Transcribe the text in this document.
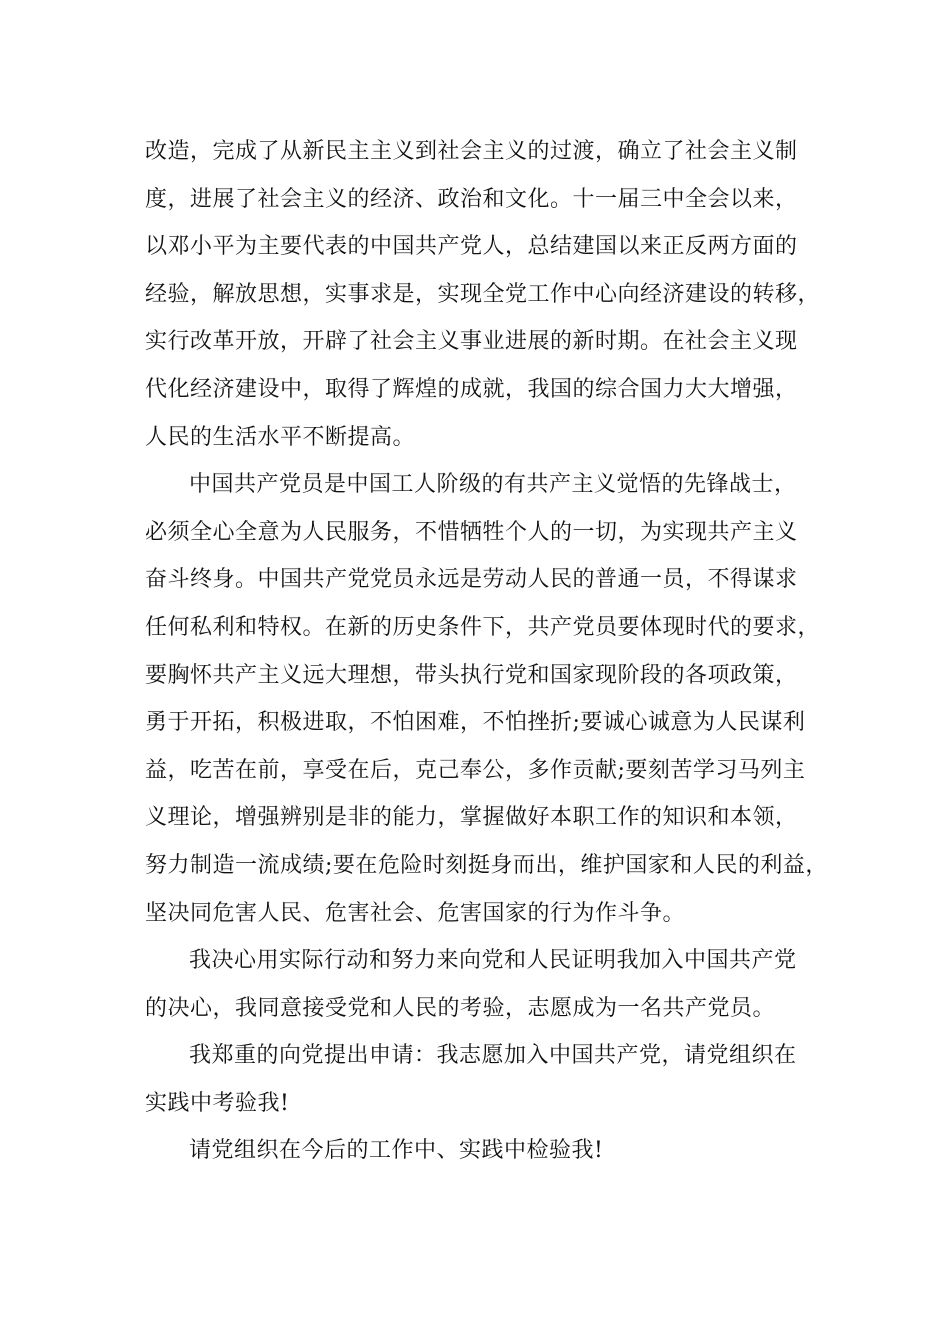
改造，完成了从新民主主义到社会主义的过渡，确立了社会主义制
度，进展了社会主义的经济、政治和文化。十一届三中全会以来，
以邓小平为主要代表的中国共产党人，总结建国以来正反两方面的
经验，解放思想，实事求是，实现全党工作中心向经济建设的转移，
实行改革开放，开辟了社会主义事业进展的新时期。在社会主义现
代化经济建设中，取得了辉煌的成就，我国的综合国力大大增强，
人民的生活水平不断提高。
中国共产党员是中国工人阶级的有共产主义觉悟的先锋战士，
必须全心全意为人民服务，不惜牺牲个人的一切，为实现共产主义
奋斗终身。中国共产党党员永远是劳动人民的普通一员，不得谋求
任何私利和特权。在新的历史条件下，共产党员要体现时代的要求，
要胸怀共产主义远大理想，带头执行党和国家现阶段的各项政策，
勇于开拓，积极进取，不怕困难，不怕挫折;要诚心诚意为人民谋利
益，吃苦在前，享受在后，克己奉公，多作贡献;要刻苦学习马列主
义理论，增强辨别是非的能力，掌握做好本职工作的知识和本领，
努力制造一流成绩;要在危险时刻挺身而出，维护国家和人民的利益，
坚决同危害人民、危害社会、危害国家的行为作斗争。
我决心用实际行动和努力来向党和人民证明我加入中国共产党
的决心，我同意接受党和人民的考验，志愿成为一名共产党员。
我郑重的向党提出申请：我志愿加入中国共产党，请党组织在
实践中考验我!
请党组织在今后的工作中、实践中检验我!
